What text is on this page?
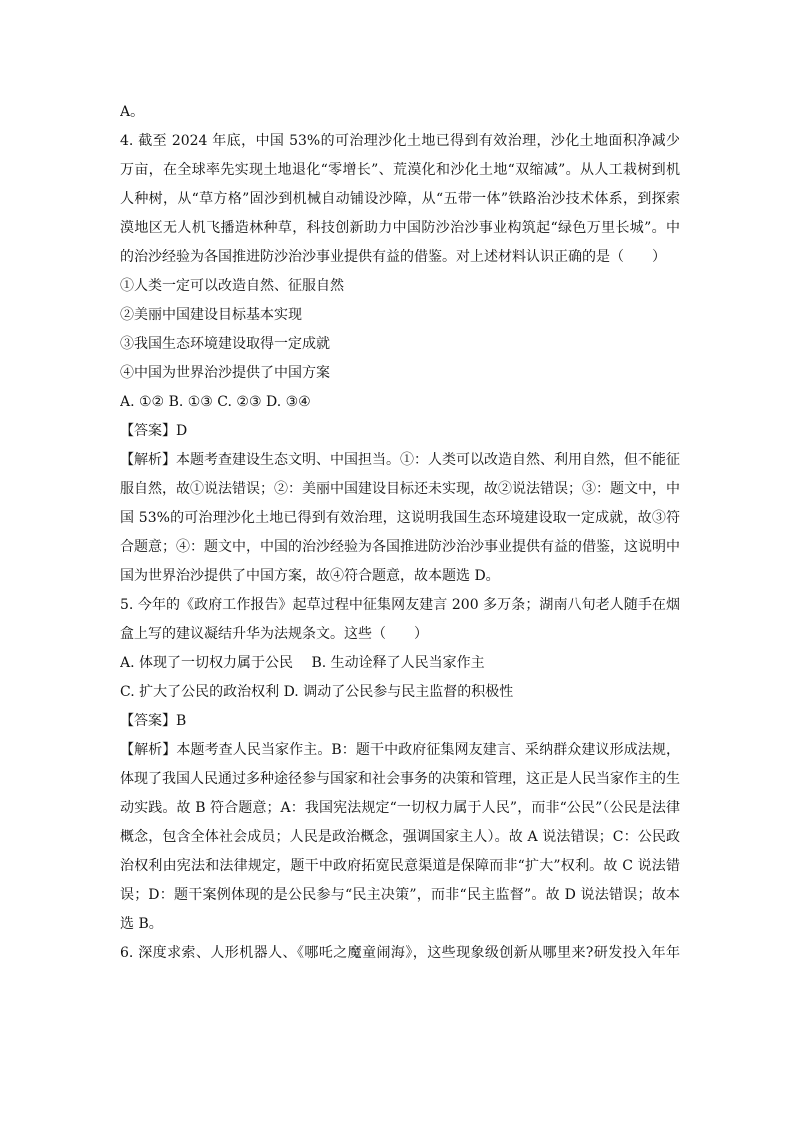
A。
4. 截至 2024 年底，中国 53%的可治理沙化土地已得到有效治理，沙化土地面积净减少
万亩，在全球率先实现土地退化“零增长”、荒漠化和沙化土地“双缩减”。从人工栽树到机
人种树，从“草方格”固沙到机械自动铺设沙障，从“五带一体”铁路治沙技术体系，到探索
漠地区无人机飞播造林种草，科技创新助力中国防沙治沙事业构筑起“绿色万里长城”。中
的治沙经验为各国推进防沙治沙事业提供有益的借鉴。对上述材料认识正确的是（　　）
①人类一定可以改造自然、征服自然
②美丽中国建设目标基本实现
③我国生态环境建设取得一定成就
④中国为世界治沙提供了中国方案
A. ①② B. ①③ C. ②③ D. ③④
【答案】D
【解析】本题考查建设生态文明、中国担当。①：人类可以改造自然、利用自然，但不能征
服自然，故①说法错误；②：美丽中国建设目标还未实现，故②说法错误；③：题文中，中
国 53%的可治理沙化土地已得到有效治理，这说明我国生态环境建设取一定成就，故③符
合题意；④：题文中，中国的治沙经验为各国推进防沙治沙事业提供有益的借鉴，这说明中
国为世界治沙提供了中国方案，故④符合题意，故本题选 D。
5. 今年的《政府工作报告》起草过程中征集网友建言 200 多万条；湖南八旬老人随手在烟
盒上写的建议凝结升华为法规条文。这些（　　）
A. 体现了一切权力属于公民　 B. 生动诠释了人民当家作主
C. 扩大了公民的政治权利 D. 调动了公民参与民主监督的积极性
【答案】B
【解析】本题考查人民当家作主。B：题干中政府征集网友建言、采纳群众建议形成法规，
体现了我国人民通过多种途径参与国家和社会事务的决策和管理，这正是人民当家作主的生
动实践。故 B 符合题意；A：我国宪法规定“一切权力属于人民”，而非“公民”（公民是法律
概念，包含全体社会成员；人民是政治概念，强调国家主人）。故 A 说法错误；C：公民政
治权利由宪法和法律规定，题干中政府拓宽民意渠道是保障而非“扩大”权利。故 C 说法错
误；D：题干案例体现的是公民参与“民主决策”，而非“民主监督”。故 D 说法错误；故本
选 B。
6. 深度求索、人形机器人、《哪吒之魔童闹海》，这些现象级创新从哪里来?研发投入年年
